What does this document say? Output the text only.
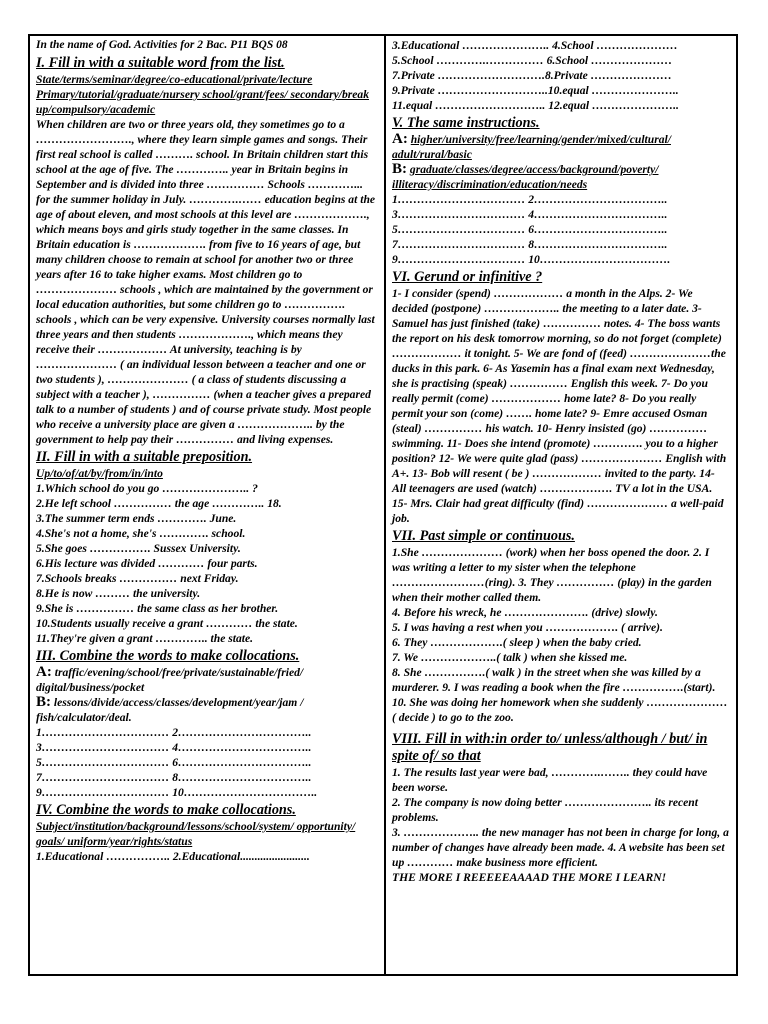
In the name of God. Activities for 2 Bac. P11 BQS 08
I. Fill in with a suitable word from the list.

State/terms/seminar/degree/co-educational/private/lecture Primary/tutorial/graduate/nursery school/grant/fees/ secondary/break up/compulsory/academic

When children are two or three years old, they sometimes go to a ……………………., where they learn simple games and songs. Their first real school is called ………. school. In Britain children start this school at the age of five. The ………….. year in Britain begins in September and is divided into three …………… Schools …………... for the summer holiday in July. ………….…… education begins at the age of about eleven, and most schools at this level are ………………., which means boys and girls study together in the same classes. In Britain education is ………………. from five to 16 years of age, but many children choose to remain at school for another two or three years after 16 to take higher exams. Most children go to ………………… schools , which are maintained by the government or local education authorities, but some children go to ……………. schools , which can be very expensive. University courses normally last three years and then students ………………., which means they receive their ……………… At university, teaching is by ………………… ( an individual lesson between a teacher and one or two students ), ………………… ( a class of students discussing a subject with a teacher ), …………… (when a teacher gives a prepared talk to a number of students ) and of course private study. Most people who receive a university place are given a ……………….. by the government to help pay their …………… and living expenses.

II. Fill in with a suitable preposition.

Up/to/of/at/by/from/in/into

1.Which school do you go ………………….. ?
2.He left school …………… the age ………….. 18.
3.The summer term ends …………. June.
4.She's not a home, she's …………. school.
5.She goes ……………. Sussex University.
6.His lecture was divided ………… four parts.
7.Schools breaks …………… next Friday.
8.He is now ……… the university.
9.She is …………… the same class as her brother.
10.Students usually receive a grant ………… the state.
11.They're given a grant ………….. the state.
III. Combine the words to make collocations.

A: traffic/evening/school/free/private/sustainable/fried/ digital/business/pocket

B: lessons/divide/access/classes/development/year/jam / fish/calculator/deal.

1…………………………… 2……………………………..
3…………………………… 4……………………………..
5…………………………… 6……………………………..
7…………………………… 8……………………………..
9…………………………… 10……………………………..
IV. Combine the words to make collocations.

Subject/institution/background/lessons/school/system/ opportunity/ goals/ uniform/year/rights/status

1.Educational …………….. 2.Educational........................
3.Educational ………………….. 4.School …………………
5.School ………….…………… 6.School …………………
7.Private ……………………….8.Private …………………
9.Private ………………………..10.equal …………………..
11.equal ……………………….. 12.equal …………………..
V. The same instructions.

A: higher/university/free/learning/gender/mixed/cultural/ adult/rural/basic

B: graduate/classes/degree/access/background/poverty/ illiteracy/discrimination/education/needs

1…………………………… 2……………………………..
3…………………………… 4……………………………..
5…………………………… 6……………………………..
7…………………………… 8……………………………..
9…………………………… 10…………………………….
VI. Gerund or infinitive ?

1- I consider (spend) ……………… a month in the Alps. 2- We decided (postpone) ……………….. the meeting to a later date. 3- Samuel has just finished (take) …………… notes. 4- The boss wants the report on his desk tomorrow morning, so do not forget (complete) ……………… it tonight. 5- We are fond of (feed) …………………the ducks in this park. 6- As Yasemin has a final exam next Wednesday, she is practising (speak) …………… English this week. 7- Do you really permit (come) ……………… home late? 8- Do you really permit your son (come) ……. home late? 9- Emre accused Osman (steal) …………… his watch. 10- Henry insisted (go) …………… swimming. 11- Does she intend (promote) …………. you to a higher position? 12- We were quite glad (pass) ………………… English with A+. 13- Bob will resent ( be ) ……………… invited to the party. 14- All teenagers are used (watch) ………………. TV a lot in the USA. 15- Mrs. Clair had great difficulty (find) ………………… a well-paid job.

VII. Past simple or continuous.

1.She ………………… (work) when her boss opened the door. 2. I was writing a letter to my sister when the telephone ……………………(ring). 3. They …………… (play) in the garden when their mother called them.

4. Before his wreck, he …………………. (drive) slowly.
5. I was having a rest when you ………………. ( arrive).
6. They ……………….( sleep ) when the baby cried.
7. We ………………..( talk ) when she kissed me.

8. She …………….( walk ) in the street when she was killed by a murderer. 9. I was reading a book when the fire …………….(start). 10. She was doing her homework when she suddenly ………………… ( decide ) to go to the zoo.

VIII. Fill in with:in order to/ unless/although / but/ in spite of/ so that
1. The results last year were bad, ………….…….. they could have been worse.
2. The company is now doing better ………………….. its recent problems.
3. ……………….. the new manager has not been in charge for long, a number of changes have already been made. 4. A website has been set up ………… make business more efficient.
THE MORE I REEEEEAAAAD THE MORE I LEARN!
